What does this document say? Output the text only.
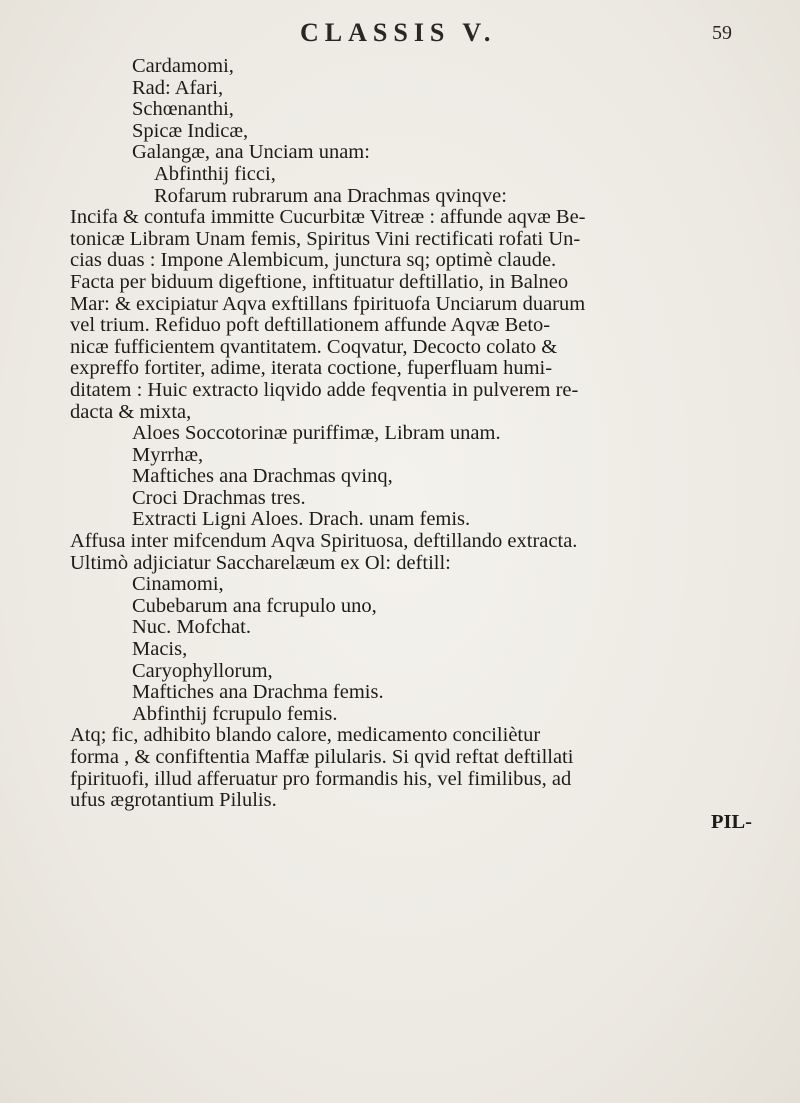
CLASSIS V.	59
Cardamomi,
Rad: Afari,
Schœnanthi,
Spicæ Indicæ,
Galangæ, ana Unciam unam:
Abfinthij ficci,
Rofarum rubrarum ana Drachmas qvinqve:
Incifa & contufa immitte Cucurbitæ Vitreæ : affunde aqvæ Be-
tonicæ Libram Unam femis, Spiritus Vini rectificati rofati Un-
cias duas : Impone Alembicum, junctura sq; optimè claude.
Facta per biduum digeftione, inftituatur deftillatio, in Balneo
Mar: & excipiatur Aqva exftillans fpirituofa Unciarum duarum
vel trium. Refiduo poft deftillationem affunde Aqvæ Beto-
nicæ fufficientem qvantitatem. Coqvatur, Decocto colato &
expreffo fortiter, adime, iterata coctione, fuperfluam humi-
ditatem : Huic extracto liqvido adde feqventia in pulverem re-
dacta & mixta,
Aloes Soccotorinæ puriffimæ, Libram unam.
Myrrhæ,
Maftiches ana Drachmas qvinq,
Croci Drachmas tres.
Extracti Ligni Aloes. Drach. unam femis.
Affusa inter mifcendum Aqva Spirituosa, deftillando extracta.
Ultimò adjiciatur Saccharelæum ex Ol: deftill:
Cinamomi,
Cubebarum ana fcrupulo uno,
Nuc. Mofchat.
Macis,
Caryophyllorum,
Maftiches ana Drachma femis.
Abfinthij fcrupulo femis.
Atq; fic, adhibito blando calore, medicamento conciliètur
forma , & confiftentia Maffæ pilularis. Si qvid reftat deftillati
fpirituofi, illud afferuatur pro formandis his, vel fimilibus, ad
ufus ægrotantium Pilulis.
PIL-
